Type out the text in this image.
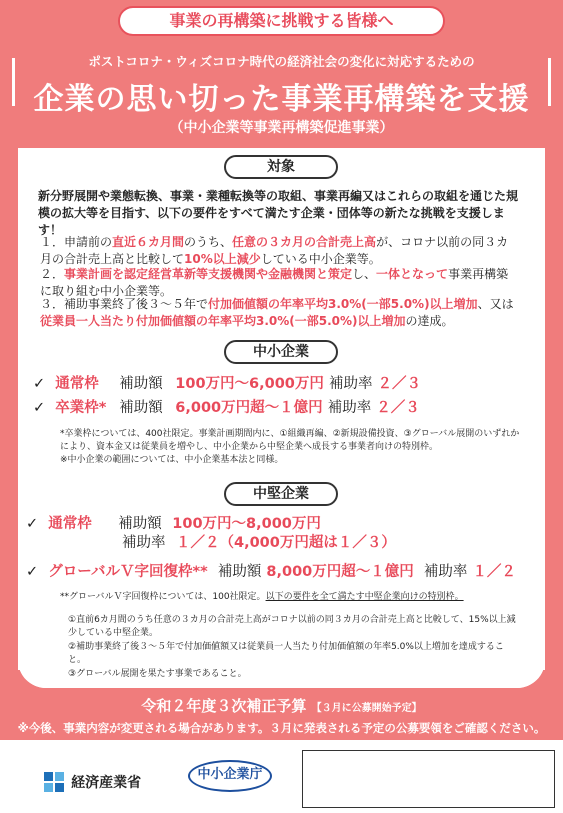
事業の再構築に挑戦する皆様へ
ポストコロナ・ウィズコロナ時代の経済社会の変化に対応するための
企業の思い切った事業再構築を支援
（中小企業等事業再構築促進事業）
対象
新分野展開や業態転換、事業・業種転換等の取組、事業再編又はこれらの取組を通じた規模の拡大等を目指す、以下の要件をすべて満たす企業・団体等の新たな挑戦を支援します！
１．申請前の直近６カ月間のうち、任意の３カ月の合計売上高が、コロナ以前の同３カ月の合計売上高と比較して10%以上減少している中小企業等。
２．事業計画を認定経営革新等支援機関や金融機関と策定し、一体となって事業再構築に取り組む中小企業等。
３．補助事業終了後３～５年で付加価値額の年率平均3.0%(一部5.0%)以上増加、又は従業員一人当たり付加価値額の年率平均3.0%(一部5.0%)以上増加の達成。
中小企業
✓ 通常枠 補助額 100万円～6,000万円 補助率 ２／３
✓ 卒業枠* 補助額 6,000万円超～１億円 補助率 ２／３
*卒業枠については、400社限定。事業計画期間内に、①組織再編、②新規設備投資、③グローバル展開のいずれかにより、資本金又は従業員を増やし、中小企業から中堅企業へ成長する事業者向けの特別枠。
※中小企業の範囲については、中小企業基本法と同様。
中堅企業
✓ 通常枠 補助額 100万円～8,000万円
補助率 １／２（4,000万円超は１／３）
✓ グローバルＶ字回復枠** 補助額 8,000万円超～１億円 補助率 １／２
**グローバルＶ字回復枠については、100社限定。以下の要件を全て満たす中堅企業向けの特別枠。
①直前6カ月間のうち任意の３カ月の合計売上高がコロナ以前の同３カ月の合計売上高と比較して、15%以上減少している中堅企業。
②補助事業終了後３～５年で付加価値額又は従業員一人当たり付加価値額の年率5.0%以上増加を達成すること。
③グローバル展開を果たす事業であること。
令和２年度３次補正予算 【３月に公募開始予定】
※今後、事業内容が変更される場合があります。３月に発表される予定の公募要領をご確認ください。
経済産業省
中小企業庁
